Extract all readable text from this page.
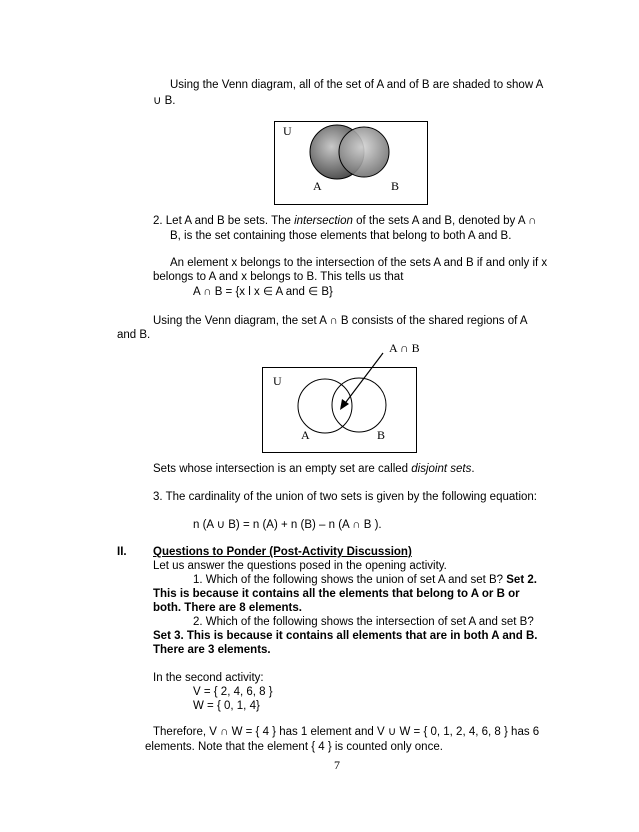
Using the Venn diagram, all of the set of A and of B are shaded to show A
∪ B.
U
A	B
2. Let A and B be sets. The intersection of the sets A and B, denoted by A ∩
B, is the set containing those elements that belong to both A and B.
An element x belongs to the intersection of the sets A and B if and only if x
belongs to A and x belongs to B. This tells us that
A ∩ B = {x l x ∈ A and ∈ B}
Using the Venn diagram, the set A ∩ B consists of the shared regions of A
and B.
U
A	B
A ∩ B
Sets whose intersection is an empty set are called disjoint sets.
3. The cardinality of the union of two sets is given by the following equation:
n (A ∪ B) = n (A) + n (B) – n (A ∩ B ).
II. Questions to Ponder (Post-Activity Discussion)
Let us answer the questions posed in the opening activity.
1. Which of the following shows the union of set A and set B? Set 2.
This is because it contains all the elements that belong to A or B or
both. There are 8 elements.
2. Which of the following shows the intersection of set A and set B?
Set 3. This is because it contains all elements that are in both A and B.
There are 3 elements.
In the second activity:
V = { 2, 4, 6, 8 }
W = { 0, 1, 4}
Therefore, V ∩ W = { 4 } has 1 element and V ∪ W = { 0, 1, 2, 4, 6, 8 } has 6
elements. Note that the element { 4 } is counted only once.
7
